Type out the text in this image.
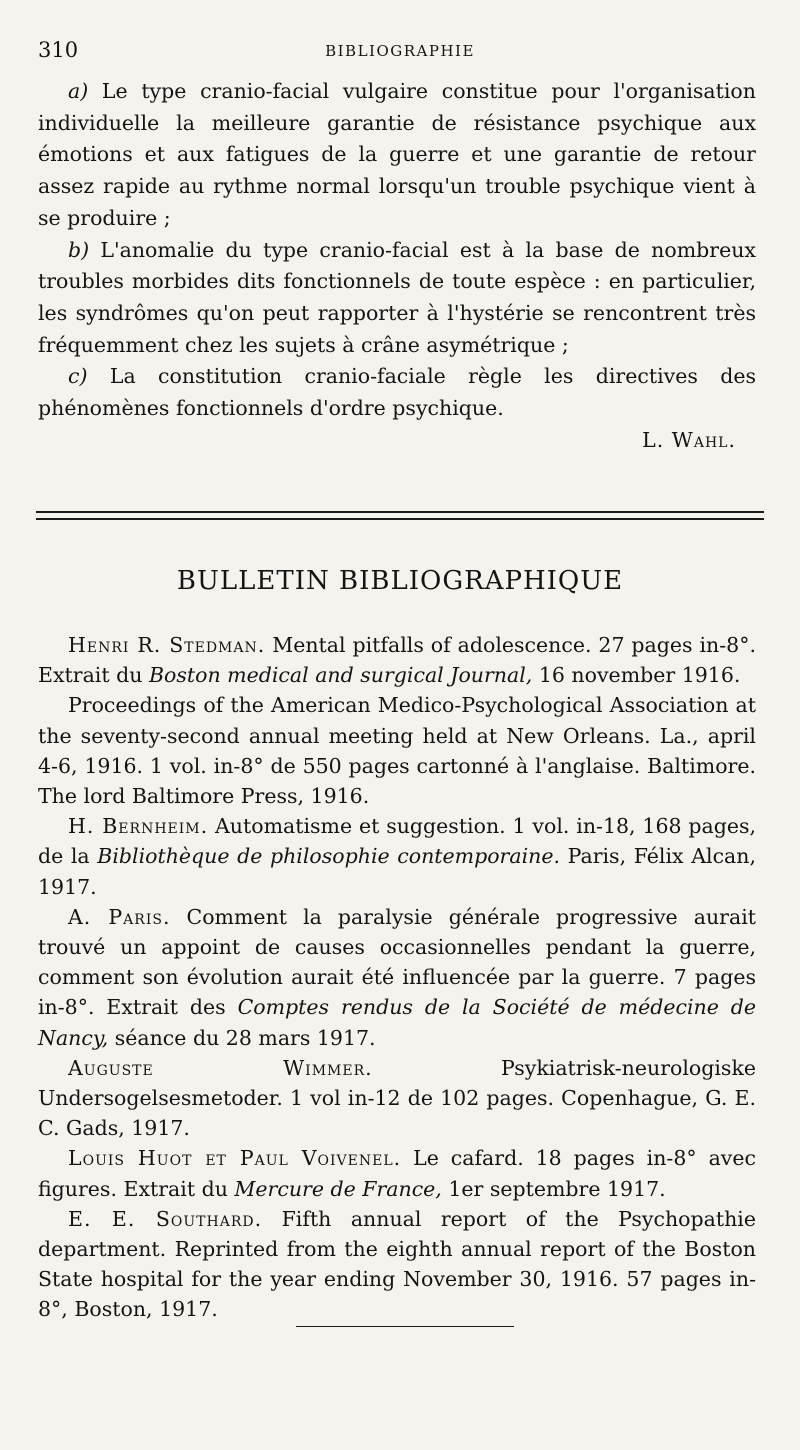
310	BIBLIOGRAPHIE

a) Le type cranio-facial vulgaire constitue pour l'organisation individuelle la meilleure garantie de résistance psychique aux émotions et aux fatigues de la guerre et une garantie de retour assez rapide au rythme normal lorsqu'un trouble psychique vient à se produire ;

b) L'anomalie du type cranio-facial est à la base de nombreux troubles morbides dits fonctionnels de toute espèce : en particulier, les syndrômes qu'on peut rapporter à l'hystérie se rencontrent très fréquemment chez les sujets à crâne asymétrique ;

c) La constitution cranio-faciale règle les directives des phénomènes fonctionnels d'ordre psychique.

L. Wahl.

BULLETIN BIBLIOGRAPHIQUE

Henri R. Stedman. Mental pitfalls of adolescence. 27 pages in-8°. Extrait du Boston medical and surgical Journal, 16 november 1916.

Proceedings of the American Medico-Psychological Association at the seventy-second annual meeting held at New Orleans. La., april 4-6, 1916. 1 vol. in-8° de 550 pages cartonné à l'anglaise. Baltimore. The lord Baltimore Press, 1916.

H. Bernheim. Automatisme et suggestion. 1 vol. in-18, 168 pages, de la Bibliothèque de philosophie contemporaine. Paris, Félix Alcan, 1917.

A. Paris. Comment la paralysie générale progressive aurait trouvé un appoint de causes occasionnelles pendant la guerre, comment son évolution aurait été influencée par la guerre. 7 pages in-8°. Extrait des Comptes rendus de la Société de médecine de Nancy, séance du 28 mars 1917.

Auguste Wimmer. Psykiatrisk-neurologiske Undersogelsesmetoder. 1 vol in-12 de 102 pages. Copenhague, G. E. C. Gads, 1917.

Louis Huot et Paul Voivenel. Le cafard. 18 pages in-8° avec figures. Extrait du Mercure de France, 1er septembre 1917.

E. E. Southard. Fifth annual report of the Psychopathie department. Reprinted from the eighth annual report of the Boston State hospital for the year ending November 30, 1916. 57 pages in-8°, Boston, 1917.
